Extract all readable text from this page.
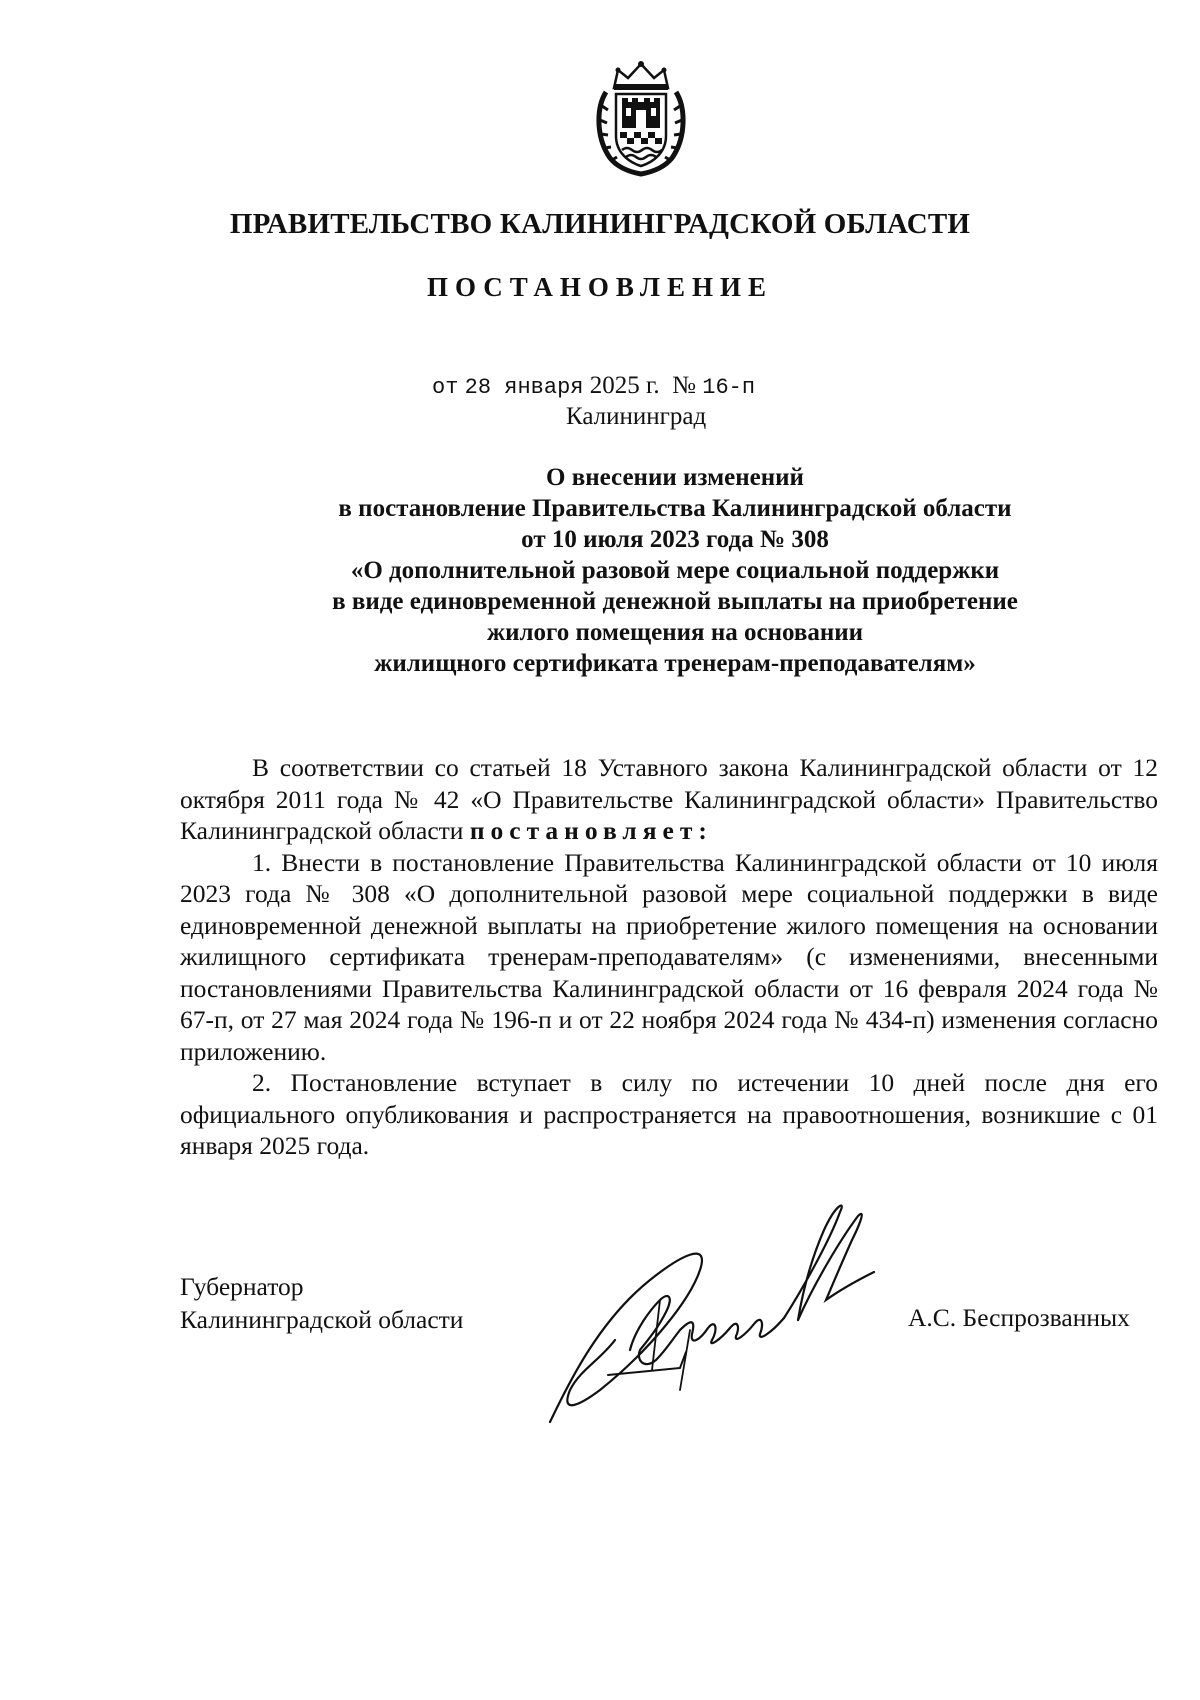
ПРАВИТЕЛЬСТВО КАЛИНИНГРАДСКОЙ ОБЛАСТИ
ПОСТАНОВЛЕНИЕ
от 28 января 2025 г. № 16-п
Калининград
О внесении изменений
в постановление Правительства Калининградской области
от 10 июля 2023 года № 308
«О дополнительной разовой мере социальной поддержки
в виде единовременной денежной выплаты на приобретение
жилого помещения на основании
жилищного сертификата тренерам-преподавателям»

В соответствии со статьей 18 Уставного закона Калининградской области от 12 октября 2011 года № 42 «О Правительстве Калининградской области» Правительство Калининградской области постановляет:

1. Внести в постановление Правительства Калининградской области от 10 июля 2023 года № 308 «О дополнительной разовой мере социальной поддержки в виде единовременной денежной выплаты на приобретение жилого помещения на основании жилищного сертификата тренерам-преподавателям» (с изменениями, внесенными постановлениями Правительства Калининградской области от 16 февраля 2024 года № 67-п, от 27 мая 2024 года № 196-п и от 22 ноября 2024 года № 434-п) изменения согласно приложению.

2. Постановление вступает в силу по истечении 10 дней после дня его официального опубликования и распространяется на правоотношения, возникшие с 01 января 2025 года.

Губернатор
Калининградской области	А.С. Беспрозванных
